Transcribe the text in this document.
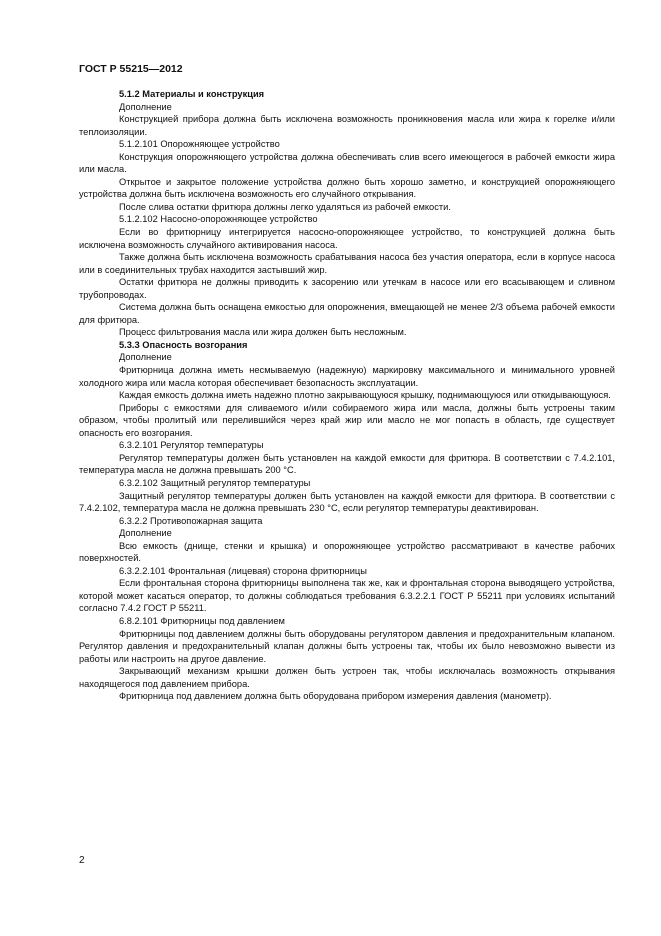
ГОСТ Р 55215—2012

5.1.2 Материалы и конструкция

Дополнение

Конструкцией прибора должна быть исключена возможность проникновения масла или жира к горелке и/или теплоизоляции.

5.1.2.101 Опорожняющее устройство

Конструкция опорожняющего устройства должна обеспечивать слив всего имеющегося в рабочей емкости жира или масла.

Открытое и закрытое положение устройства должно быть хорошо заметно, и конструкцией опорожняющего устройства должна быть исключена возможность его случайного открывания.

После слива остатки фритюра должны легко удаляться из рабочей емкости.

5.1.2.102 Насосно-опорожняющее устройство

Если во фритюрницу интегрируется насосно-опорожняющее устройство, то конструкцией должна быть исключена возможность случайного активирования насоса.

Также должна быть исключена возможность срабатывания насоса без участия оператора, если в корпусе насоса или в соединительных трубах находится застывший жир.

Остатки фритюра не должны приводить к засорению или утечкам в насосе или его всасывающем и сливном трубопроводах.

Система должна быть оснащена емкостью для опорожнения, вмещающей не менее 2/3 объема рабочей емкости для фритюра.

Процесс фильтрования масла или жира должен быть несложным.

5.3.3 Опасность возгорания

Дополнение

Фритюрница должна иметь несмываемую (надежную) маркировку максимального и минимального уровней холодного жира или масла которая обеспечивает безопасность эксплуатации.

Каждая емкость должна иметь надежно плотно закрывающуюся крышку, поднимающуюся или откидывающуюся.

Приборы с емкостями для сливаемого и/или собираемого жира или масла, должны быть устроены таким образом, чтобы пролитый или перелившийся через край жир или масло не мог попасть в область, где существует опасность его возгорания.

6.3.2.101 Регулятор температуры

Регулятор температуры должен быть установлен на каждой емкости для фритюра. В соответствии с 7.4.2.101, температура масла не должна превышать 200 °С.

6.3.2.102 Защитный регулятор температуры

Защитный регулятор температуры должен быть установлен на каждой емкости для фритюра. В соответствии с 7.4.2.102, температура масла не должна превышать 230 °С, если регулятор температуры деактивирован.

6.3.2.2 Противопожарная защита

Дополнение

Всю емкость (днище, стенки и крышка) и опорожняющее устройство рассматривают в качестве рабочих поверхностей.

6.3.2.2.101 Фронтальная (лицевая) сторона фритюрницы

Если фронтальная сторона фритюрницы выполнена так же, как и фронтальная сторона выводящего устройства, которой может касаться оператор, то должны соблюдаться требования 6.3.2.2.1 ГОСТ Р 55211 при условиях испытаний согласно 7.4.2 ГОСТ Р 55211.

6.8.2.101 Фритюрницы под давлением

Фритюрницы под давлением должны быть оборудованы регулятором давления и предохранительным клапаном. Регулятор давления и предохранительный клапан должны быть устроены так, чтобы их было невозможно вывести из работы или настроить на другое давление.

Закрывающий механизм крышки должен быть устроен так, чтобы исключалась возможность открывания находящегося под давлением прибора.

Фритюрница под давлением должна быть оборудована прибором измерения давления (манометр).

2
